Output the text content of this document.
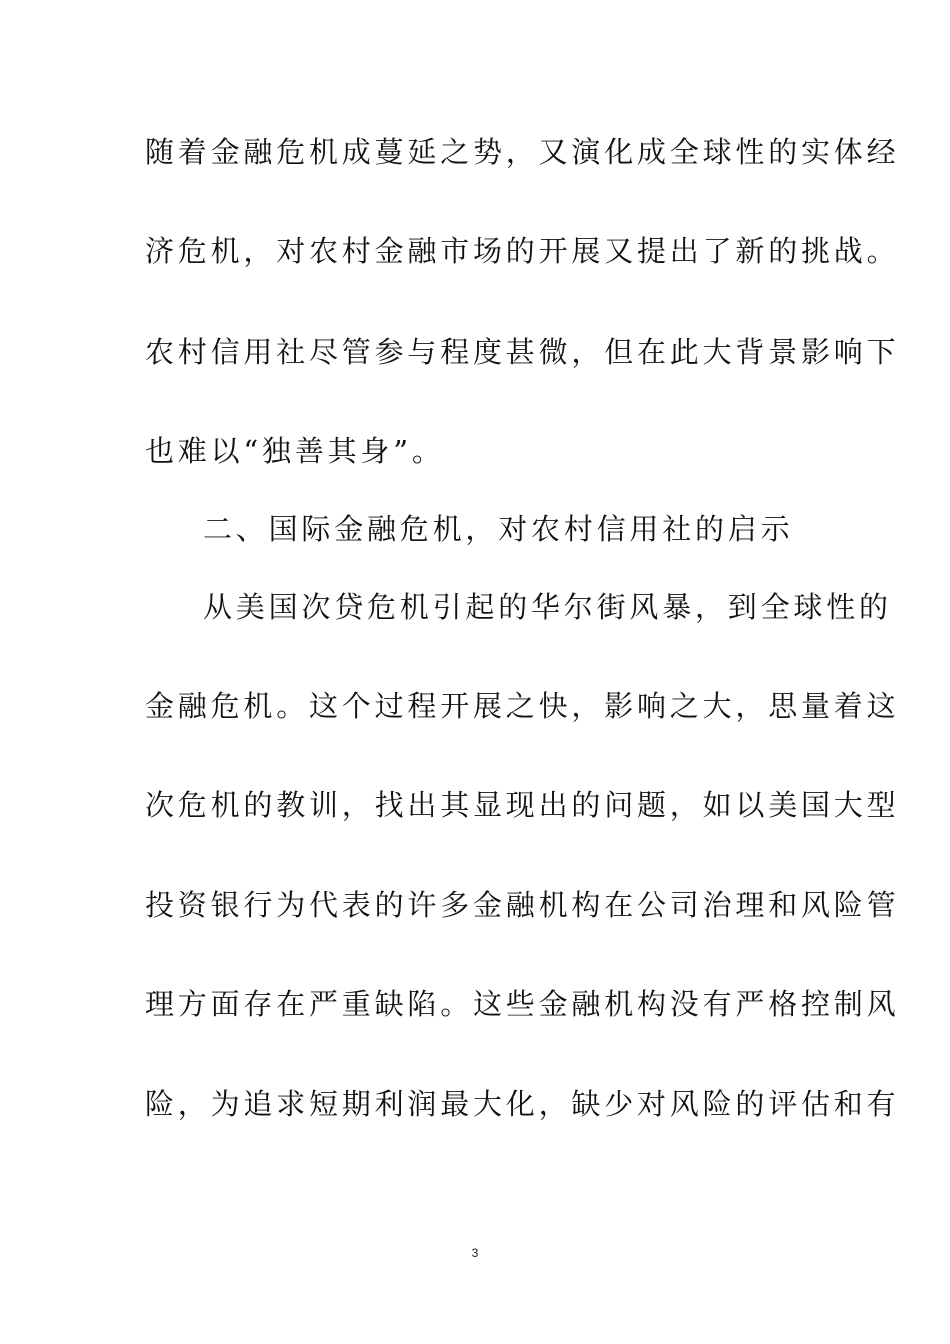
随着金融危机成蔓延之势，又演化成全球性的实体经
济危机，对农村金融市场的开展又提出了新的挑战。
农村信用社尽管参与程度甚微，但在此大背景影响下
也难以“独善其身”。
二、国际金融危机，对农村信用社的启示
从美国次贷危机引起的华尔街风暴，到全球性的
金融危机。这个过程开展之快，影响之大，思量着这
次危机的教训，找出其显现出的问题，如以美国大型
投资银行为代表的许多金融机构在公司治理和风险管
理方面存在严重缺陷。这些金融机构没有严格控制风
险，为追求短期利润最大化，缺少对风险的评估和有
3
